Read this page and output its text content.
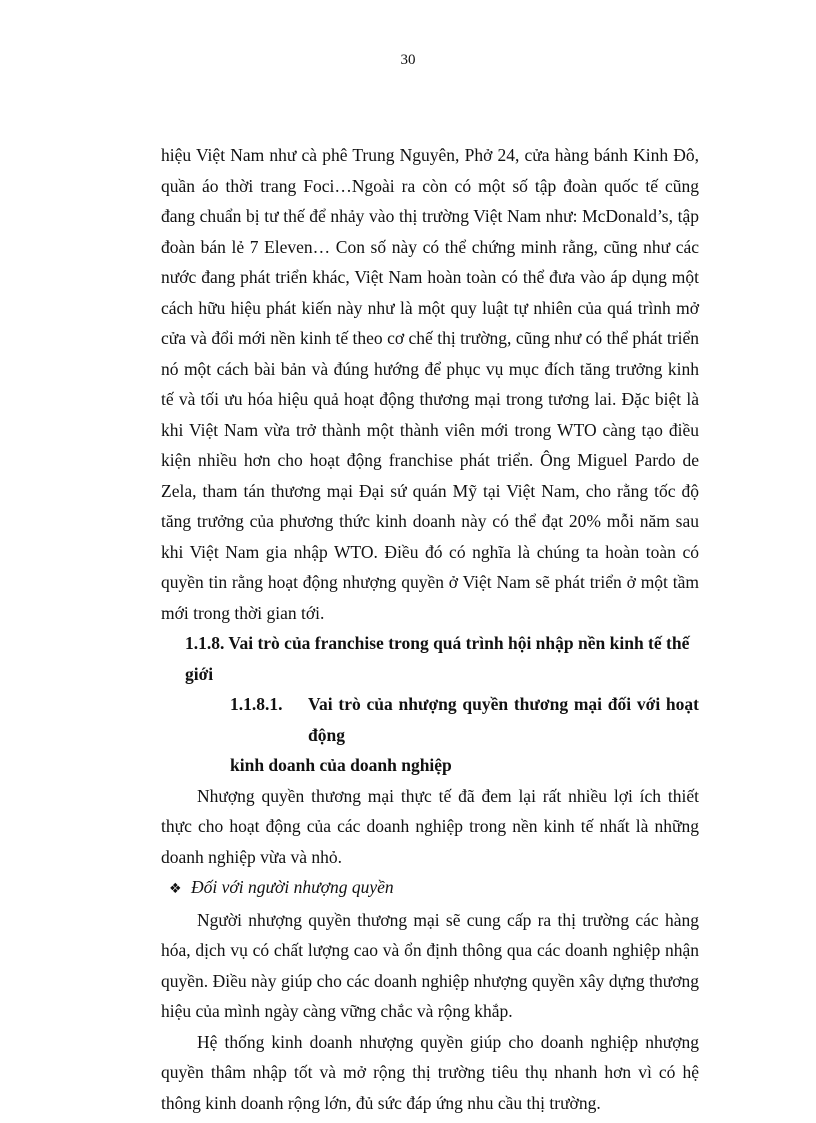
30

hiệu Việt Nam như cà phê Trung Nguyên, Phở 24, cửa hàng bánh Kinh Đô, quần áo thời trang Foci…Ngoài ra còn có một số tập đoàn quốc tế cũng đang chuẩn bị tư thế để nhảy vào thị trường Việt Nam như: McDonald’s, tập đoàn bán lẻ 7 Eleven… Con số này có thể chứng minh rằng, cũng như các nước đang phát triển khác, Việt Nam hoàn toàn có thể đưa vào áp dụng một cách hữu hiệu phát kiến này như là một quy luật tự nhiên của quá trình mở cửa và đổi mới nền kinh tế theo cơ chế thị trường, cũng như có thể phát triển nó một cách bài bản và đúng hướng để phục vụ mục đích tăng trưởng kinh tế và tối ưu hóa hiệu quả hoạt động thương mại trong tương lai. Đặc biệt là khi Việt Nam vừa trở thành một thành viên mới trong WTO càng tạo điều kiện nhiều hơn cho hoạt động franchise phát triển. Ông Miguel Pardo de Zela, tham tán thương mại Đại sứ quán Mỹ tại Việt Nam, cho rằng tốc độ tăng trưởng của phương thức kinh doanh này có thể đạt 20% mỗi năm sau khi Việt Nam gia nhập WTO. Điều đó có nghĩa là chúng ta hoàn toàn có quyền tin rằng hoạt động nhượng quyền ở Việt Nam sẽ phát triển ở một tầm mới trong thời gian tới.

1.1.8. Vai trò của franchise trong quá trình hội nhập nền kinh tế thế giới

1.1.8.1.	Vai trò của nhượng quyền thương mại đối với hoạt động
kinh doanh của doanh nghiệp

Nhượng quyền thương mại thực tế đã đem lại rất nhiều lợi ích thiết thực cho hoạt động của các doanh nghiệp trong nền kinh tế nhất là những doanh nghiệp vừa và nhỏ.

❖ Đối với người nhượng quyền

Người nhượng quyền thương mại sẽ cung cấp ra thị trường các hàng hóa, dịch vụ có chất lượng cao và ổn định thông qua các doanh nghiệp nhận quyền. Điều này giúp cho các doanh nghiệp nhượng quyền xây dựng thương hiệu của mình ngày càng vững chắc và rộng khắp.

Hệ thống kinh doanh nhượng quyền giúp cho doanh nghiệp nhượng quyền thâm nhập tốt và mở rộng thị trường tiêu thụ nhanh hơn vì có hệ thông kinh doanh rộng lớn, đủ sức đáp ứng nhu cầu thị trường.
